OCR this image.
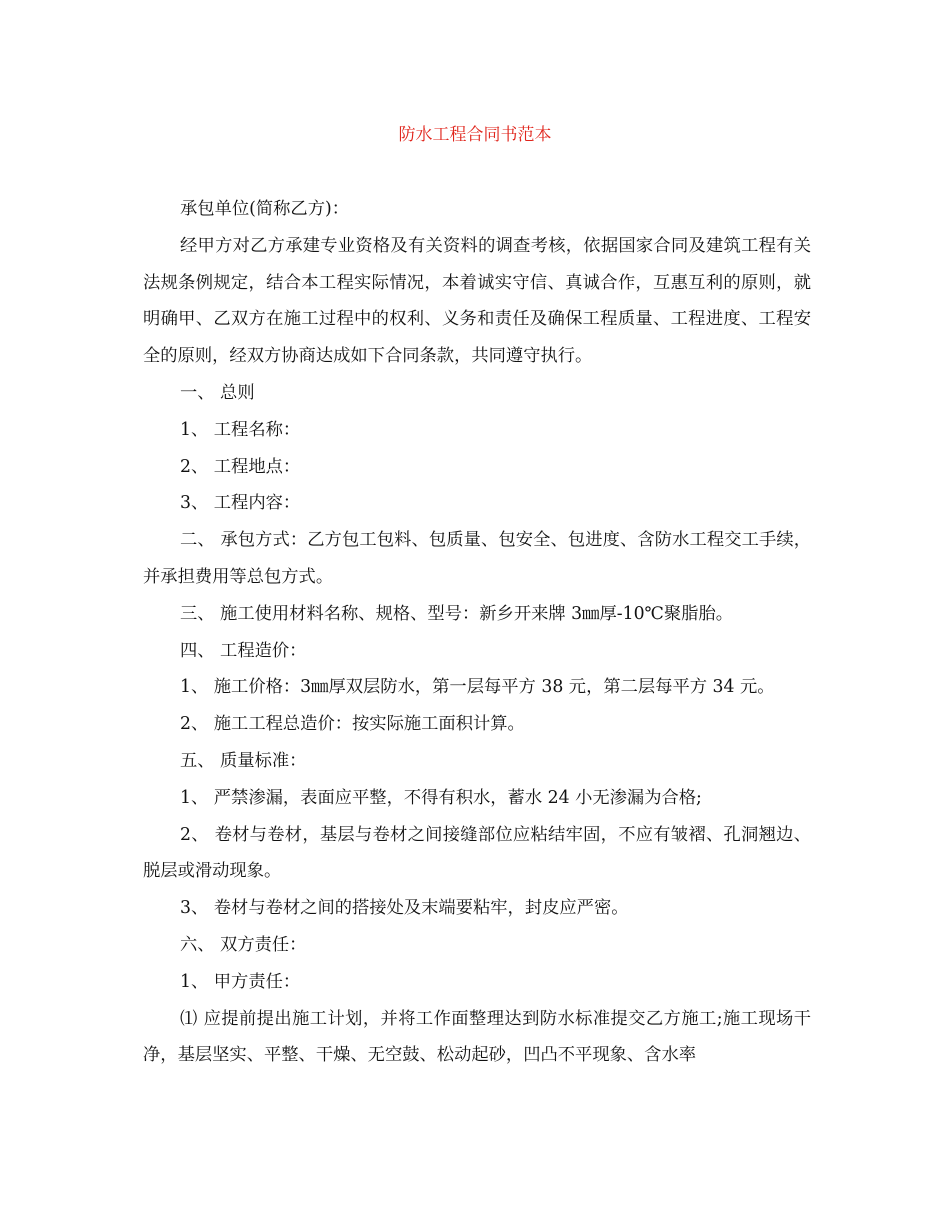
防水工程合同书范本

承包单位(简称乙方)：

经甲方对乙方承建专业资格及有关资料的调查考核，依据国家合同及建筑工程有关法规条例规定，结合本工程实际情况，本着诚实守信、真诚合作，互惠互利的原则，就明确甲、乙双方在施工过程中的权利、义务和责任及确保工程质量、工程进度、工程安全的原则，经双方协商达成如下合同条款，共同遵守执行。

一、 总则

1、 工程名称：

2、 工程地点：

3、 工程内容：

二、 承包方式：乙方包工包料、包质量、包安全、包进度、含防水工程交工手续，并承担费用等总包方式。

三、 施工使用材料名称、规格、型号：新乡开来牌 3㎜厚-10℃聚脂胎。

四、 工程造价：

1、 施工价格：3㎜厚双层防水，第一层每平方 38 元，第二层每平方 34 元。

2、 施工工程总造价：按实际施工面积计算。

五、 质量标准：

1、 严禁渗漏，表面应平整，不得有积水，蓄水 24 小无渗漏为合格;

2、 卷材与卷材，基层与卷材之间接缝部位应粘结牢固，不应有皱褶、孔洞翘边、脱层或滑动现象。

3、 卷材与卷材之间的搭接处及末端要粘牢，封皮应严密。

六、 双方责任：

1、 甲方责任：

⑴ 应提前提出施工计划，并将工作面整理达到防水标准提交乙方施工;施工现场干净，基层坚实、平整、干燥、无空鼓、松动起砂，凹凸不平现象、含水率
